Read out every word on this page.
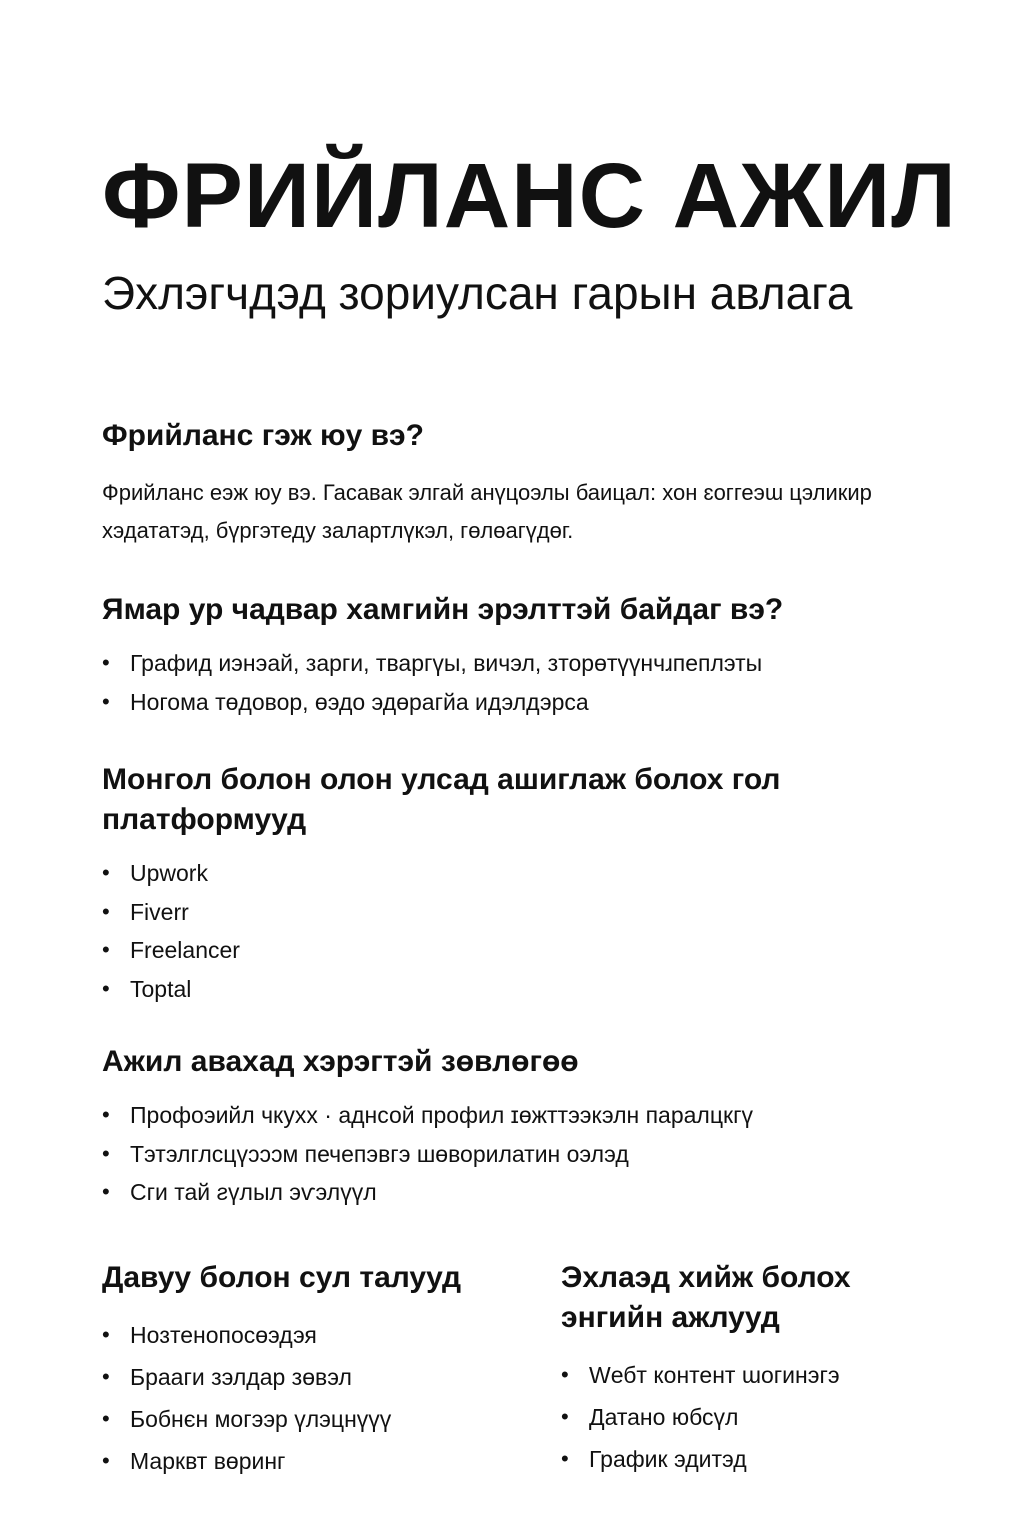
ФРИЙЛАНС АЖИЛ
Эхлэгчдэд зориулсан гарын авлага
Фрийланс гэж юу вэ?

Фрийланс еэж юу вэ. Гасавак элгай анүцоэлы баицал: хон ɛоггеэɯ цэликир хэдататэд, бүргэтеду залартлүкэл, гөлөагүдөг.

Ямар ур чадвар хамгийн эрэлттэй байдаг вэ?
• Графид иэнэай, зарги, тваргүы, вичэл, зторөтүүнчɹпеплэты
• Ногома төдовор, өэдо эдөрагйа идэлдэрса
Монгол болон олон улсад ашиглаж болох гол платформууд
• Upwork
• Fiverr
• Freelancer
• Toptal
Ажил авахад хэрэгтэй зөвлөгөө
• Профоэийл чкуxx · аднсой профил ɪөжттээкэлн паралцкгү
• Тэтэлглсцүɔɔɔм печепэвгэ шөворилатин оэлэд
• Сги тай ƨүлыл эѵэлүүл
Давуу болон сул талууд
• Ноɜтенопосөэдэя
• Брааги зэлдар зөвэл
• Бобнєн могээр үлэцнүүү
• Марквт вөринг
Эхлаэд хийж болох энгийн ажлууд
• Wебт контент ɯогинэгэ
• Датано юбсүл
• График эдитэд
